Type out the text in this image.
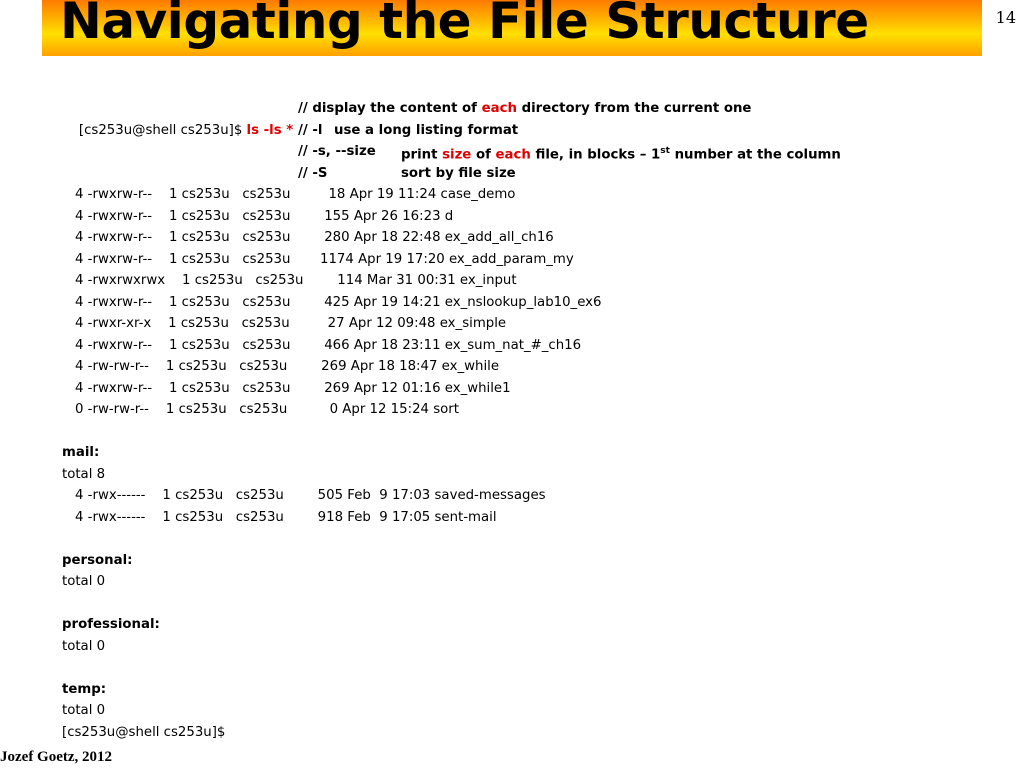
Navigating the File Structure	14

[cs253u@shell cs253u]$ ls -ls *

// display the content of each directory from the current one

// -l

use a long listing format

// -s, --size

print size of each file, in blocks – 1st number at the column

// -S

	sort by file size

4 -rwxrw-r--    1 cs253u   cs253u         18 Apr 19 11:24 case_demo
4 -rwxrw-r--    1 cs253u   cs253u        155 Apr 26 16:23 d
4 -rwxrw-r--    1 cs253u   cs253u        280 Apr 18 22:48 ex_add_all_ch16
4 -rwxrw-r--    1 cs253u   cs253u       1174 Apr 19 17:20 ex_add_param_my
4 -rwxrwxrwx    1 cs253u   cs253u        114 Mar 31 00:31 ex_input
4 -rwxrw-r--    1 cs253u   cs253u        425 Apr 19 14:21 ex_nslookup_lab10_ex6
4 -rwxr-xr-x    1 cs253u   cs253u         27 Apr 12 09:48 ex_simple
4 -rwxrw-r--    1 cs253u   cs253u        466 Apr 18 23:11 ex_sum_nat_#_ch16
4 -rw-rw-r--    1 cs253u   cs253u        269 Apr 18 18:47 ex_while
4 -rwxrw-r--    1 cs253u   cs253u        269 Apr 12 01:16 ex_while1
0 -rw-rw-r--    1 cs253u   cs253u          0 Apr 12 15:24 sort
mail:
total 8
4 -rwx------    1 cs253u   cs253u        505 Feb  9 17:03 saved-messages
4 -rwx------    1 cs253u   cs253u        918 Feb  9 17:05 sent-mail
personal:
total 0
professional:
total 0
temp:
total 0
[cs253u@shell cs253u]$
Jozef Goetz, 2012
